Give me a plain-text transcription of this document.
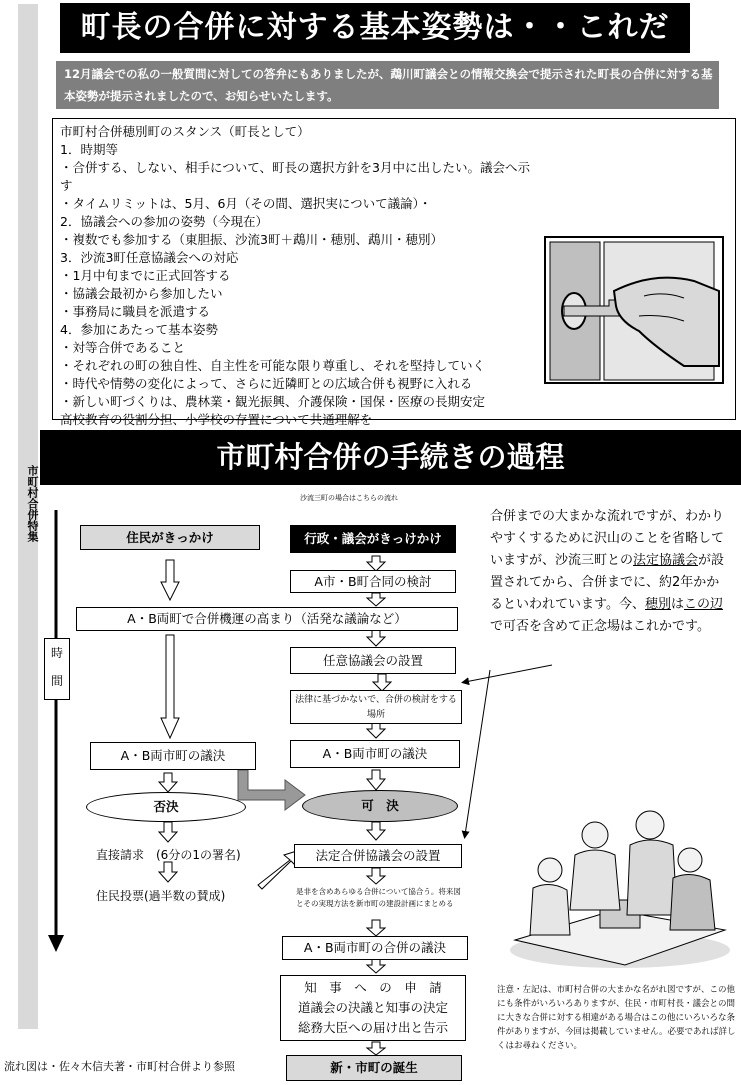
市町村合併特集
町長の合併に対する基本姿勢は・・これだ
12月議会での私の一般質問に対しての答弁にもありましたが、鵡川町議会との情報交換会で提示された町長の合併に対する基本姿勢が提示されましたので、お知らせいたします。

市町村合併穂別町のスタンス（町長として）

1．時期等

・合併する、しない、相手について、町長の選択方針を3月中に出したい。議会へ示す

・タイムリミットは、5月、6月（その間、選択実について議論）・

2．協議会への参加の姿勢（今現在）

・複数でも参加する（東胆振、沙流3町＋鵡川・穂別、鵡川・穂別）

3．沙流3町任意協議会への対応

・1月中旬までに正式回答する

・協議会最初から参加したい

・事務局に職員を派遣する

4．参加にあたって基本姿勢

・対等合併であること

・それぞれの町の独自性、自主性を可能な限り尊重し、それを堅持していく

・時代や情勢の変化によって、さらに近隣町との広域合併も視野に入れる

・新しい町づくりは、農林業・観光振興、介護保険・国保・医療の長期安定

高校教育の役割分担、小学校の存置について共通理解を

市町村合併の手続きの過程
沙流三町の場合はこちらの流れ
住民がきっかけ	行政・議会がきっけかけ
A市・B町合同の検討
A・B両町で合併機運の高まり（活発な議論など）
時
間
任意協議会の設置
法律に基づかないで、合併の検討をする場所
A・B両市町の議決	A・B両市町の議決
否決	可　決
直接請求　(6分の1の署名)
住民投票(過半数の賛成)
法定合併協議会の設置
是非を含めあらゆる合併について協合う。将来図とその実現方法を新市町の建設計画にまとめる
A・B両市町の合併の議決
知　事　へ　の　申　請
道議会の決議と知事の決定
総務大臣への届け出と告示
新・市町の誕生
合併までの大まかな流れですが、わかりやすくするために沢山のことを省略していますが、沙流三町との法定協議会が設置されてから、合併までに、約2年かかるといわれています。今、穂別はこの辺で可否を含めて正念場はこれかです。
注意・左記は、市町村合併の大まかな名がれ図ですが、この他にも条件がいろいろありますが、住民・市町村長・議会との間に大きな合併に対する相違がある場合はこの他にいろいろな条件がありますが、今回は掲載していません。必要であれば詳しくはお尋ねください。
流れ図は・佐々木信夫著・市町村合併より参照
